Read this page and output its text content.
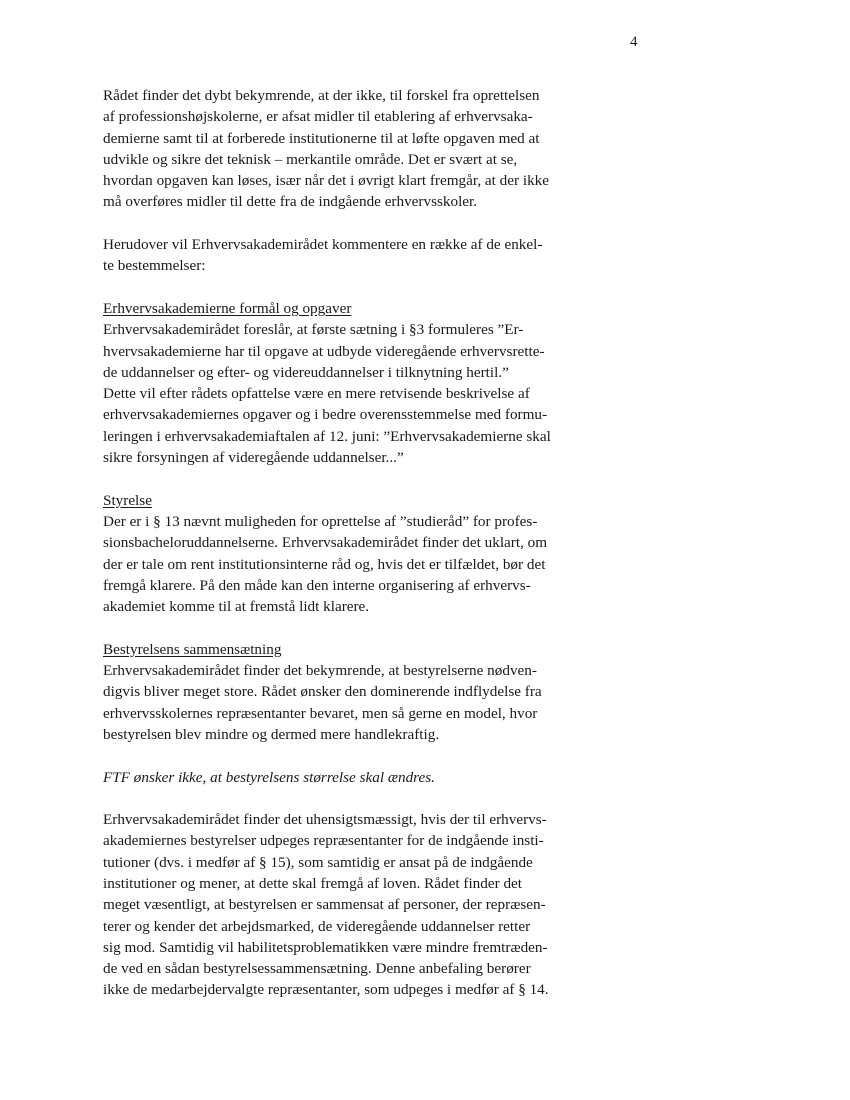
4
Rådet finder det dybt bekymrende, at der ikke, til forskel fra oprettelsen
af professionshøjskolerne, er afsat midler til etablering af erhvervsaka-
demierne samt til at forberede institutionerne til at løfte opgaven med at
udvikle og sikre det teknisk – merkantile område. Det er svært at se,
hvordan opgaven kan løses, især når det i øvrigt klart fremgår, at der ikke
må overføres midler til dette fra de indgående erhvervsskoler.
Herudover vil Erhvervsakademirådet kommentere en række af de enkel-
te bestemmelser:
Erhvervsakademierne formål og opgaver
Erhvervsakademirådet foreslår, at første sætning i §3 formuleres ”Er-
hvervsakademierne har til opgave at udbyde videregående erhvervsrette-
de uddannelser og efter- og videreuddannelser i tilknytning hertil.”
Dette vil efter rådets opfattelse være en mere retvisende beskrivelse af
erhvervsakademiernes opgaver og i bedre overensstemmelse med formu-
leringen i erhvervsakademiaftalen af 12. juni: ”Erhvervsakademierne skal
sikre forsyningen af videregående uddannelser...”
Styrelse
Der er i § 13 nævnt muligheden for oprettelse af ”studieråd” for profes-
sionsbacheloruddannelserne. Erhvervsakademirådet finder det uklart, om
der er tale om rent institutionsinterne råd og, hvis det er tilfældet, bør det
fremgå klarere. På den måde kan den interne organisering af erhvervs-
akademiet komme til at fremstå lidt klarere.
Bestyrelsens sammensætning
Erhvervsakademirådet finder det bekymrende, at bestyrelserne nødven-
digvis bliver meget store. Rådet ønsker den dominerende indflydelse fra
erhvervsskolernes repræsentanter bevaret, men så gerne en model, hvor
bestyrelsen blev mindre og dermed mere handlekraftig.
FTF ønsker ikke, at bestyrelsens størrelse skal ændres.
Erhvervsakademirådet finder det uhensigtsmæssigt, hvis der til erhvervs-
akademiernes bestyrelser udpeges repræsentanter for de indgående insti-
tutioner (dvs. i medfør af § 15), som samtidig er ansat på de indgående
institutioner og mener, at dette skal fremgå af loven. Rådet finder det
meget væsentligt, at bestyrelsen er sammensat af personer, der repræsen-
terer og kender det arbejdsmarked, de videregående uddannelser retter
sig mod. Samtidig vil habilitetsproblematikken være mindre fremtræden-
de ved en sådan bestyrelsessammensætning. Denne anbefaling berører
ikke de medarbejdervalgte repræsentanter, som udpeges i medfør af § 14.
